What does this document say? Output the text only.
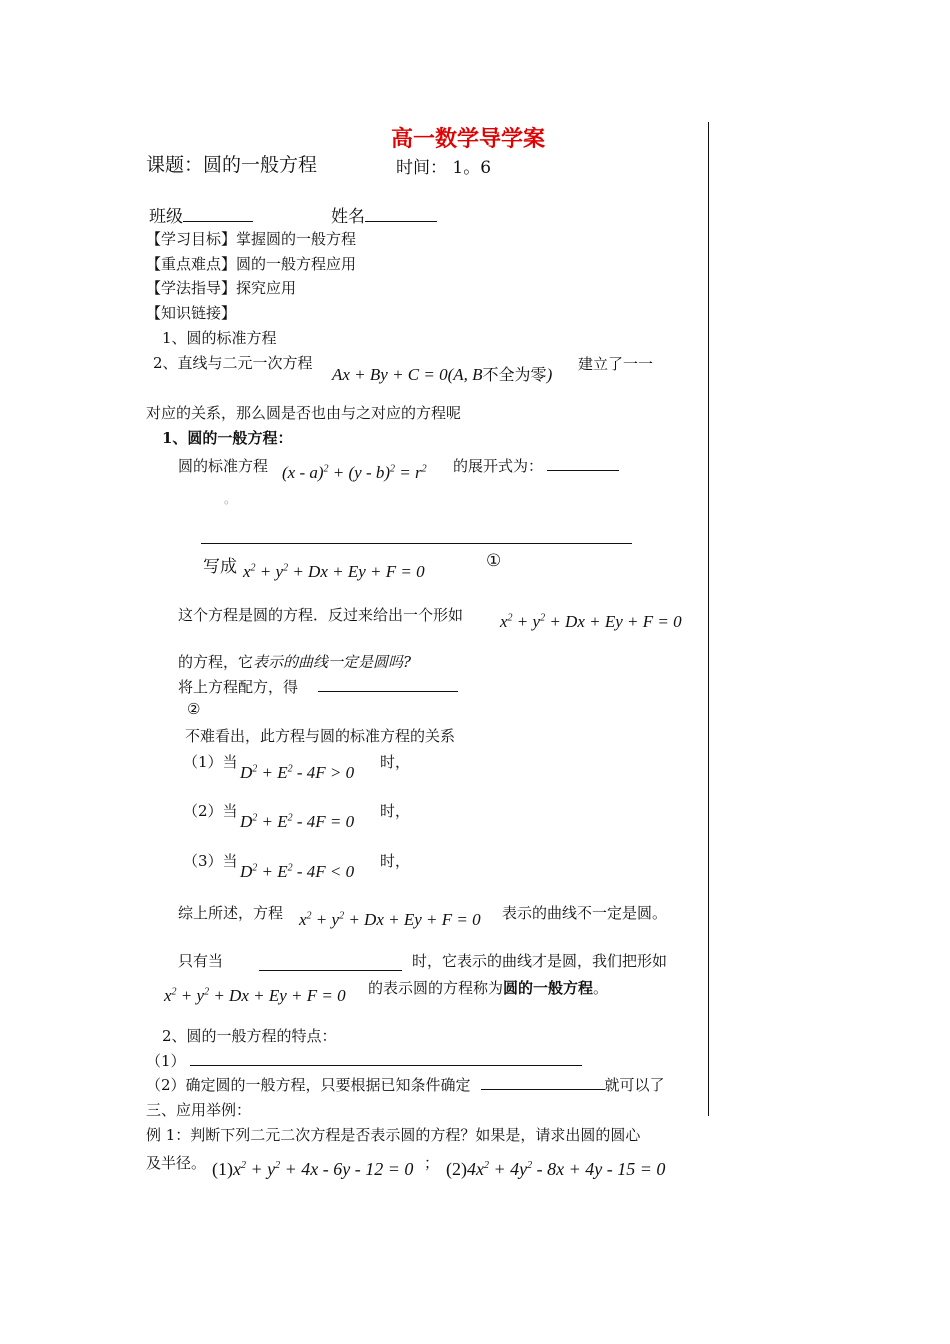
高一数学导学案
课题：圆的一般方程	时间： 1。6
班级	姓名
【学习目标】掌握圆的一般方程
【重点难点】圆的一般方程应用
【学法指导】探究应用
【知识链接】
1、圆的标准方程
2、直线与二元一次方程
Ax + By + C = 0(A, B不全为零)
建立了一一
对应的关系，那么圆是否也由与之对应的方程呢
1、圆的一般方程：
圆的标准方程 $(x - a)^2 + (y - b)^2 = r^2$ 的展开式为：
。
写成 $x^2 + y^2 + Dx + Ey + F = 0$
①
这个方程是圆的方程．反过来给出一个形如 $x^2 + y^2 + Dx + Ey + F = 0$
的方程，它表示的曲线一定是圆吗?
将上方程配方，得
②
不难看出，此方程与圆的标准方程的关系
（1）当
$D^2 + E^2 - 4F > 0$
时，
（2）当
$D^2 + E^2 - 4F = 0$
时，
（3）当
$D^2 + E^2 - 4F < 0$
时，
综上所述，方程 $x^2 + y^2 + Dx + Ey + F = 0$ 表示的曲线不一定是圆。
只有当	时，它表示的曲线才是圆，我们把形如
$x^2 + y^2 + Dx + Ey + F = 0$ 的表示圆的方程称为圆的一般方程。
2、圆的一般方程的特点：
（1）
（2）确定圆的一般方程，只要根据已知条件确定	就可以了
三、应用举例：
例 1：判断下列二元二次方程是否表示圆的方程？如果是，请求出圆的圆心
及半径。 $(1)x^2 + y^2 + 4x - 6y - 12 = 0$ ； $(2)4x^2 + 4y^2 - 8x + 4y - 15 = 0$
